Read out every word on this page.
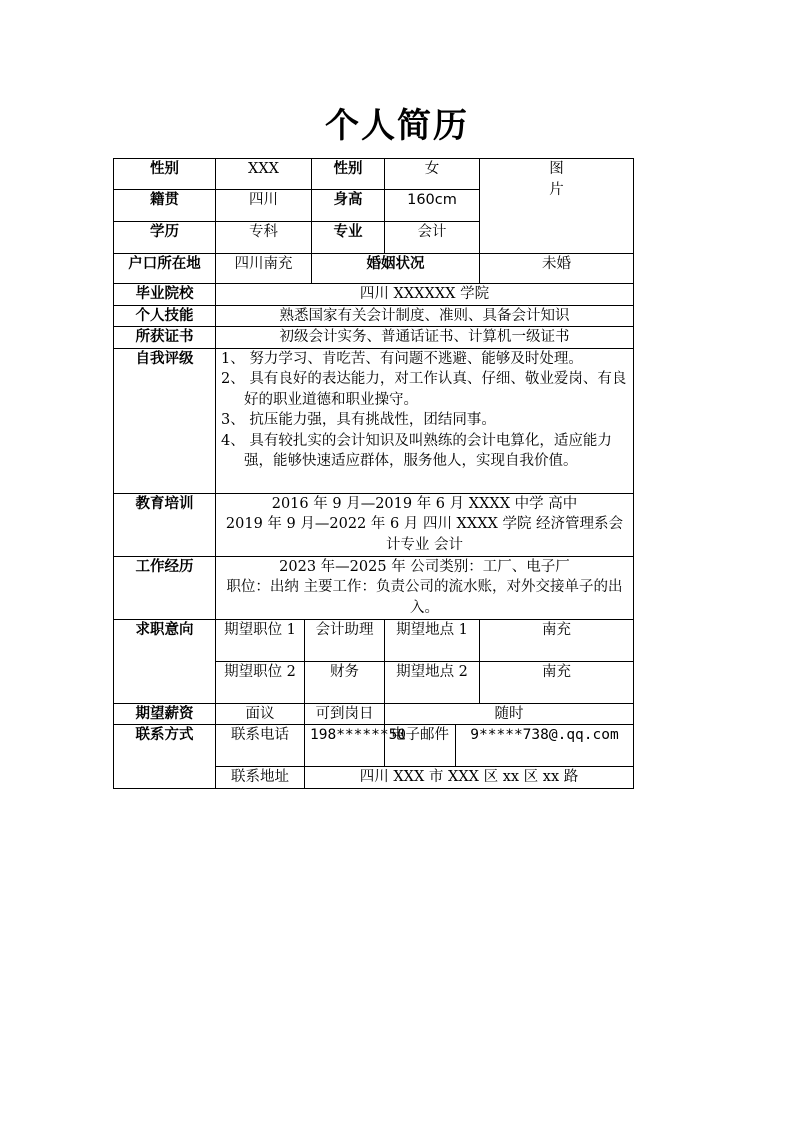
个人简历
性别	XXX		性别	女		图
片

籍贯	四川		身高	160cm		
学历	专科		专业	会计		
户口所在地	四川南充		婚姻状况			未婚
毕业院校	四川 XXXXXX 学院					
个人技能	熟悉国家有关会计制度、准则、具备会计知识					
所获证书	初级会计实务、普通话证书、计算机一级证书					
自我评级	1、 努力学习、肯吃苦、有问题不逃避、能够及时处理。
2、 具有良好的表达能力，对工作认真、仔细、敬业爱岗、有良好的职业道德和职业操守。
3、 抗压能力强，具有挑战性，团结同事。
4、 具有较扎实的会计知识及叫熟练的会计电算化，适应能力强，能够快速适应群体，服务他人，实现自我价值。					

教育培训	2016 年 9 月—2019 年 6 月 XXXX 中学 高中
2019 年 9 月—2022 年 6 月 四川 XXXX 学院 经济管理系会计专业 会计					

工作经历	2023 年—2025 年 公司类别：工厂、电子厂
职位：出纳 主要工作：负责公司的流水账，对外交接单子的出入。					

求职意向	期望职位 1	会计助理		期望地点 1		南充
	期望职位 2	财务		期望地点 2		南充
期望薪资	面议	可到岗日		随时		
联系方式	联系电话	198******50		电子邮件	9*****738@.qq.com	
	联系地址	四川 XXX 市 XXX 区 xx 区 xx 路				
